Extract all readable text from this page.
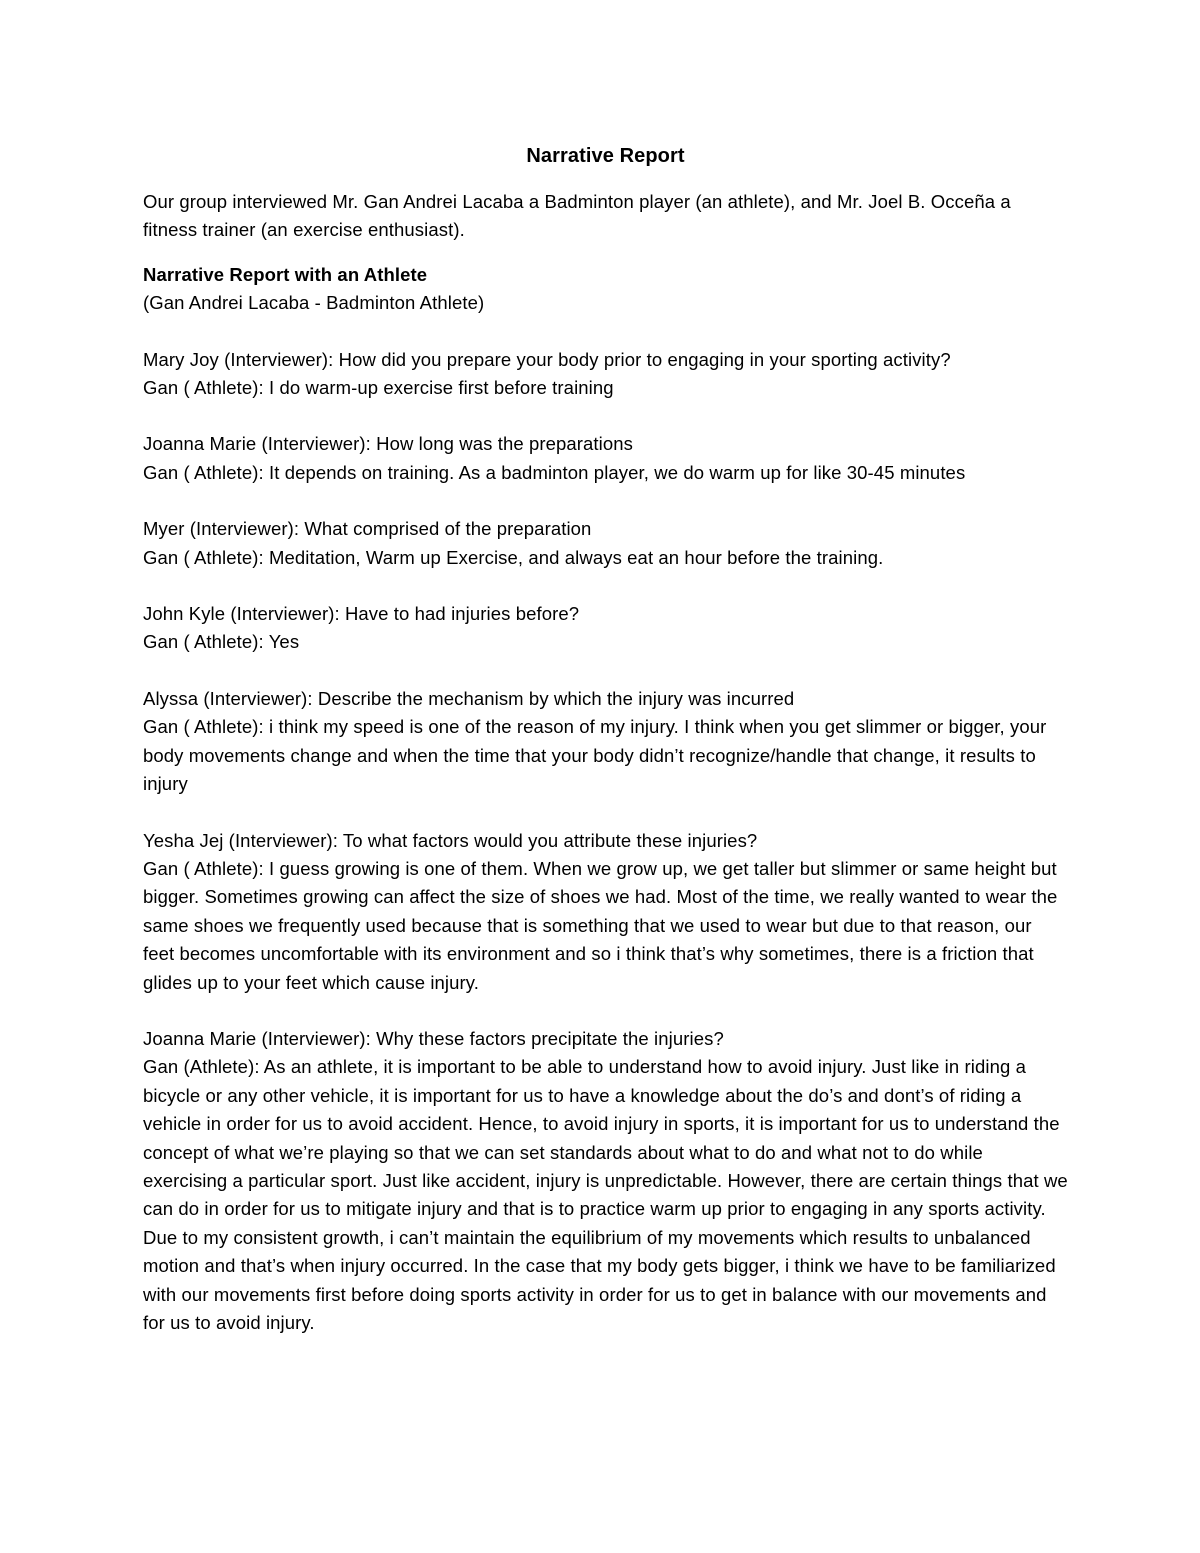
Narrative Report

Our group interviewed Mr. Gan Andrei Lacaba a Badminton player (an athlete), and Mr. Joel B. Occeña a fitness trainer (an exercise enthusiast).

Narrative Report with an Athlete

(Gan Andrei Lacaba - Badminton Athlete)

Mary Joy (Interviewer): How did you prepare your body prior to engaging in your sporting activity?
Gan ( Athlete): I do warm-up exercise first before training
Joanna Marie (Interviewer): How long was the preparations
Gan ( Athlete): It depends on training. As a badminton player, we do warm up for like 30-45 minutes
Myer (Interviewer): What comprised of the preparation
Gan ( Athlete): Meditation, Warm up Exercise, and always eat an hour before the training.
John Kyle (Interviewer): Have to had injuries before?
Gan ( Athlete): Yes
Alyssa (Interviewer): Describe the mechanism by which the injury was incurred
Gan ( Athlete): i think my speed is one of the reason of my injury. I think when you get slimmer or bigger, your body movements change and when the time that your body didn’t recognize/handle that change, it results to injury
Yesha Jej (Interviewer): To what factors would you attribute these injuries?
Gan ( Athlete): I guess growing is one of them. When we grow up, we get taller but slimmer or same height but bigger. Sometimes growing can affect the size of shoes we had. Most of the time, we really wanted to wear the same shoes we frequently used because that is something that we used to wear but due to that reason, our feet becomes uncomfortable with its environment and so i think that’s why sometimes, there is a friction that glides up to your feet which cause injury.
Joanna Marie (Interviewer): Why these factors precipitate the injuries?
Gan (Athlete): As an athlete, it is important to be able to understand how to avoid injury. Just like in riding a bicycle or any other vehicle, it is important for us to have a knowledge about the do’s and dont’s of riding a vehicle in order for us to avoid accident. Hence, to avoid injury in sports, it is important for us to understand the concept of what we’re playing so that we can set standards about what to do and what not to do while exercising a particular sport. Just like accident, injury is unpredictable. However, there are certain things that we can do in order for us to mitigate injury and that is to practice warm up prior to engaging in any sports activity. Due to my consistent growth, i can’t maintain the equilibrium of my movements which results to unbalanced motion and that’s when injury occurred. In the case that my body gets bigger, i think we have to be familiarized with our movements first before doing sports activity in order for us to get in balance with our movements and for us to avoid injury.
